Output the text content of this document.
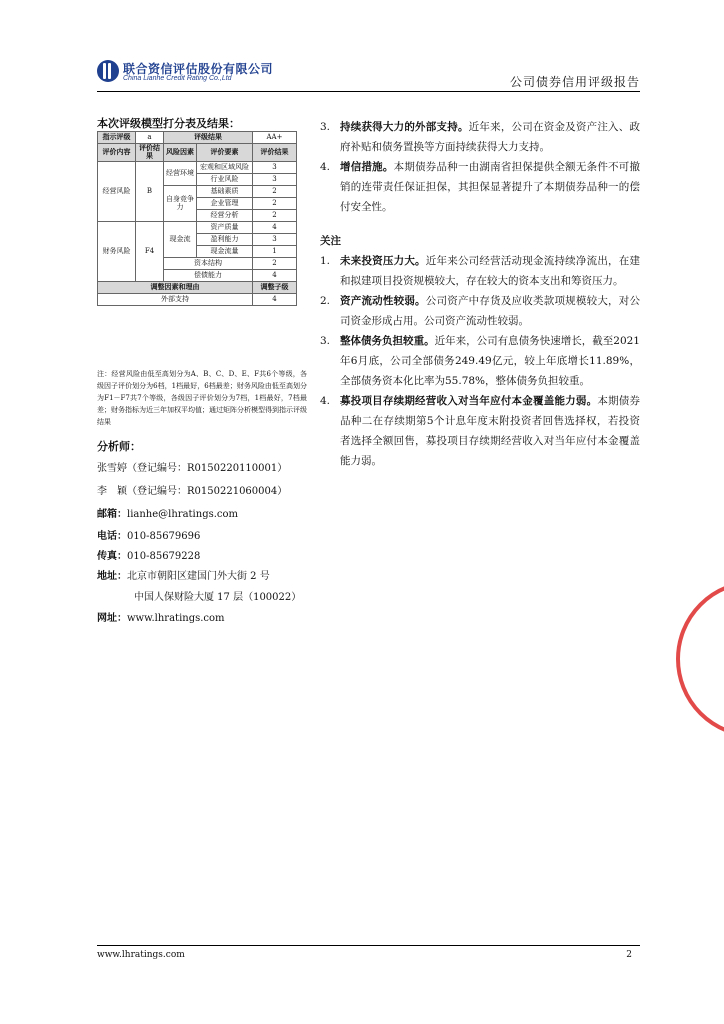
联合资信评估股份有限公司
China Lianhe Credit Rating Co.,Ltd	公司债券信用评级报告
本次评级模型打分表及结果：
指示评级	a	评级结果		AA+
评价内容	评价结果	风险因素	评价要素	评价结果
经营风险	B	经营环境	宏观和区域风险	3
			行业风险	3
		自身竞争力	基础素质	2
			企业管理	2
			经营分析	2
财务风险	F4	现金流	资产质量	4
			盈利能力	3
			现金流量	1
		资本结构		2
		偿债能力		4
调整因素和理由				调整子级
外部支持				4
注：经营风险由低至高划分为A、B、C、D、E、F共6个等级，各级因子评价划分为6档，1档最好，6档最差；财务风险由低至高划分为F1－F7共7个等级，各级因子评价划分为7档，1档最好，7档最差；财务指标为近三年加权平均值；通过矩阵分析模型得到指示评级结果
分析师：
张雪婷（登记编号：R0150220110001）
李　颖（登记编号：R0150221060004）
邮箱：lianhe@lhratings.com
电话：010-85679696
传真：010-85679228
地址：北京市朝阳区建国门外大街 2 号
中国人保财险大厦 17 层（100022）
网址：www.lhratings.com
3. 持续获得大力的外部支持。近年来，公司在资金及资产注入、政府补贴和债务置换等方面持续获得大力支持。
4. 增信措施。本期债券品种一由湖南省担保提供全额无条件不可撤销的连带责任保证担保，其担保显著提升了本期债券品种一的偿付安全性。
关注
1. 未来投资压力大。近年来公司经营活动现金流持续净流出，在建和拟建项目投资规模较大，存在较大的资本支出和筹资压力。
2. 资产流动性较弱。公司资产中存货及应收类款项规模较大，对公司资金形成占用。公司资产流动性较弱。
3. 整体债务负担较重。近年来，公司有息债务快速增长，截至2021年6月底，公司全部债务249.49亿元，较上年底增长11.89%，全部债务资本化比率为55.78%，整体债务负担较重。
4. 募投项目存续期经营收入对当年应付本金覆盖能力弱。本期债券品种二在存续期第5个计息年度末附投资者回售选择权，若投资者选择全额回售，募投项目存续期经营收入对当年应付本金覆盖能力弱。
www.lhratings.com	2
